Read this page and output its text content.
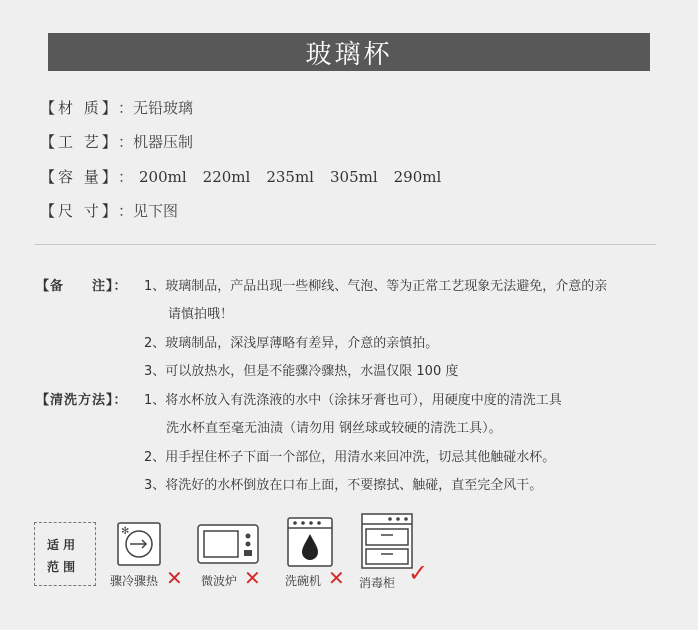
玻璃杯
【材 质】：无铅玻璃
【工 艺】：机器压制
【容 量】： 200ml 220ml 235ml 305ml 290ml
【尺 寸】：见下图
【备　　注】： 1、玻璃制品，产品出现一些柳线、气泡、等为正常工艺现象无法避免，介意的亲
请慎拍哦！
2、玻璃制品，深浅厚薄略有差异，介意的亲慎拍。
3、可以放热水，但是不能骤冷骤热，水温仅限 100 度
【清洗方法】： 1、将水杯放入有洗涤液的水中（涂抹牙膏也可），用硬度中度的清洗工具
洗水杯直至毫无油渍（请勿用 钢丝球或较硬的清洗工具）。
2、用手捏住杯子下面一个部位，用清水来回冲洗，切忌其他触碰水杯。
3、将洗好的水杯倒放在口布上面，不要擦拭、触碰，直至完全风干。
适 用
范 围
✻
骤冷骤热 ✕ 微波炉 ✕ 洗碗机 ✕ 消毒柜 ✓
